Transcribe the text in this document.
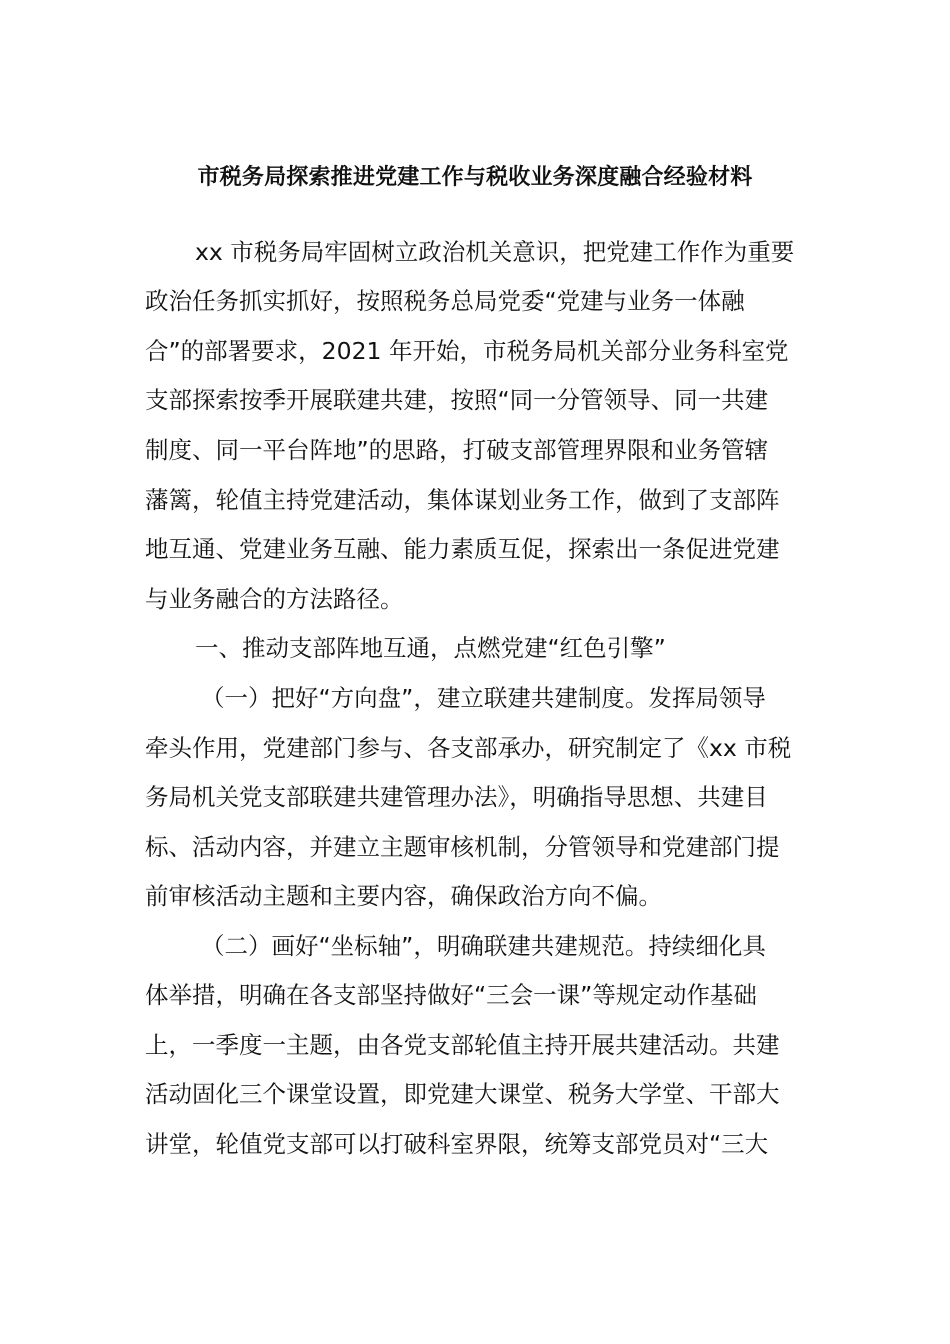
市税务局探索推进党建工作与税收业务深度融合经验材料
xx 市税务局牢固树立政治机关意识，把党建工作作为重要
政治任务抓实抓好，按照税务总局党委“党建与业务一体融
合”的部署要求，2021 年开始，市税务局机关部分业务科室党
支部探索按季开展联建共建，按照“同一分管领导、同一共建
制度、同一平台阵地”的思路，打破支部管理界限和业务管辖
藩篱，轮值主持党建活动，集体谋划业务工作，做到了支部阵
地互通、党建业务互融、能力素质互促，探索出一条促进党建
与业务融合的方法路径。
一、推动支部阵地互通，点燃党建“红色引擎”
（一）把好“方向盘”，建立联建共建制度。发挥局领导
牵头作用，党建部门参与、各支部承办，研究制定了《xx 市税
务局机关党支部联建共建管理办法》，明确指导思想、共建目
标、活动内容，并建立主题审核机制，分管领导和党建部门提
前审核活动主题和主要内容，确保政治方向不偏。
（二）画好“坐标轴”，明确联建共建规范。持续细化具
体举措，明确在各支部坚持做好“三会一课”等规定动作基础
上，一季度一主题，由各党支部轮值主持开展共建活动。共建
活动固化三个课堂设置，即党建大课堂、税务大学堂、干部大
讲堂，轮值党支部可以打破科室界限，统筹支部党员对“三大
